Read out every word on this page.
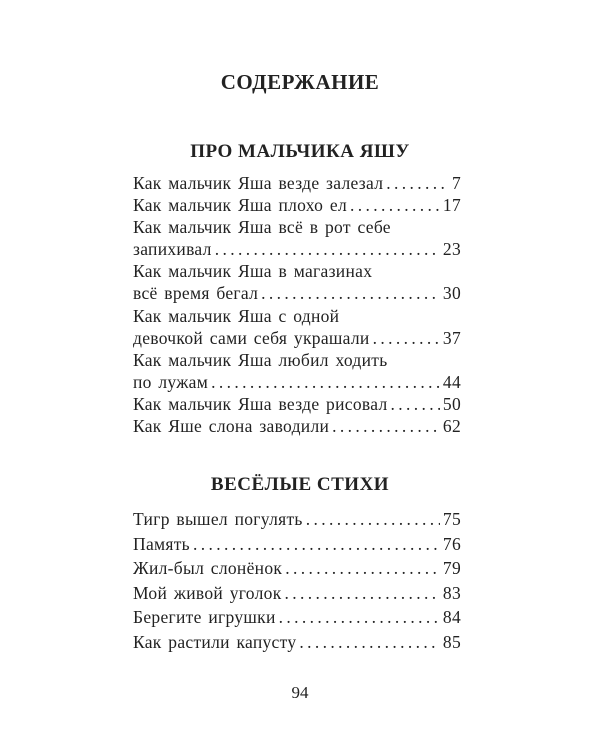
СОДЕРЖАНИЕ
ПРО МАЛЬЧИКА ЯШУ
Как мальчик Яша везде залезал . . .	7
Как мальчик Яша плохо ел . . .	17
Как мальчик Яша всё в рот себе
запихивал . . .	23
Как мальчик Яша в магазинах
всё время бегал . . .	30
Как мальчик Яша с одной
девочкой сами себя украшали . . .	37
Как мальчик Яша любил ходить
по лужам . . .	44
Как мальчик Яша везде рисовал . . .	50
Как Яше слона заводили . . .	62
ВЕСЁЛЫЕ СТИХИ
Тигр вышел погулять . . .	75
Память . . .	76
Жил-был слонёнок . . .	79
Мой живой уголок . . .	83
Берегите игрушки . . .	84
Как растили капусту . . .	85
94
